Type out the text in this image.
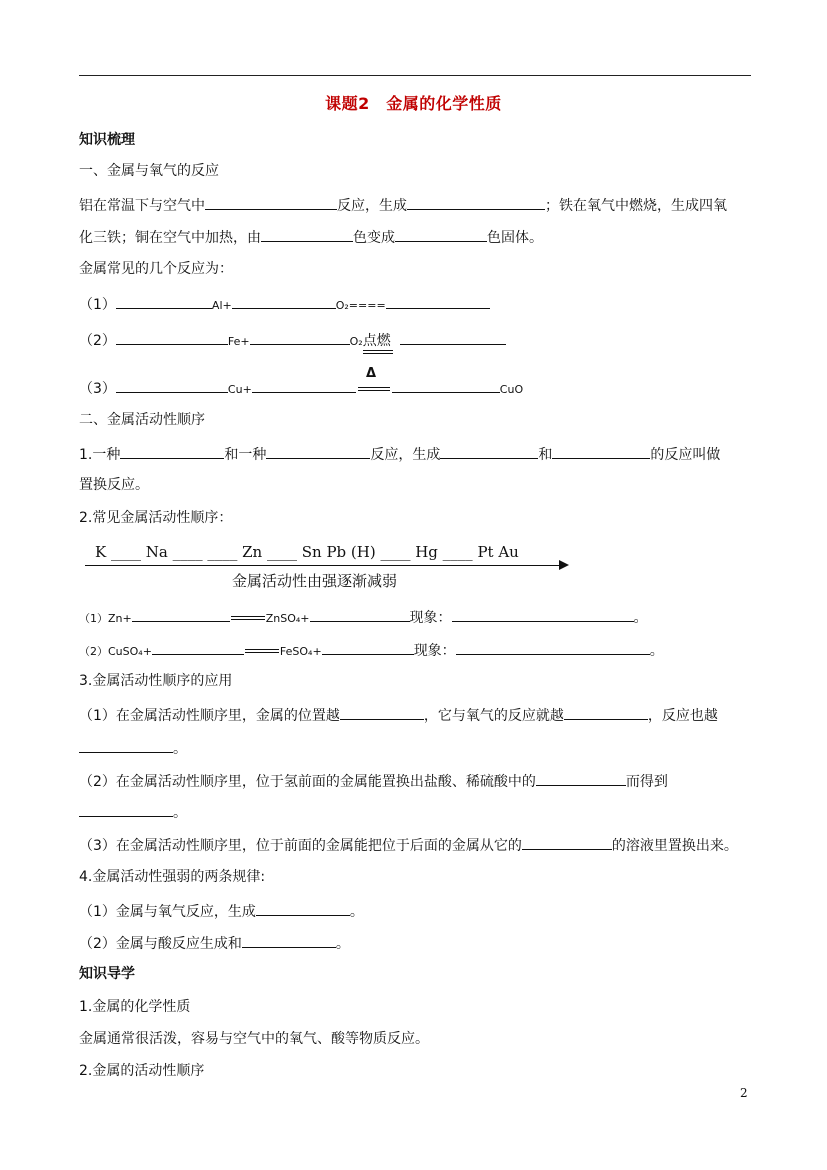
课题2　金属的化学性质
知识梳理
一、金属与氧气的反应
铝在常温下与空气中	反应，生成	；铁在氧气中燃烧，生成四氧
化三铁；铜在空气中加热，由	色变成	色固体。
金属常见的几个反应为：
（1）	Al+	O₂====
（2）	Fe+	O₂点燃

Δ
（3）	Cu+	CuO
二、金属活动性顺序
1.一种	和一种	反应，生成	和	的反应叫做
置换反应。
2.常见金属活动性顺序：
K ____ Na ____ ____ Zn ____ Sn Pb (H) ____ Hg ____ Pt Au
金属活动性由强逐渐减弱
（1）Zn+	ZnSO₄+	现象：	。
（2）CuSO₄+	FeSO₄+	现象：	。
3.金属活动性顺序的应用
（1）在金属活动性顺序里，金属的位置越	，它与氧气的反应就越	，反应也越
。
（2）在金属活动性顺序里，位于氢前面的金属能置换出盐酸、稀硫酸中的	而得到
。
（3）在金属活动性顺序里，位于前面的金属能把位于后面的金属从它的	的溶液里置换出来。
4.金属活动性强弱的两条规律:
（1）金属与氧气反应，生成	。
（2）金属与酸反应生成和	。
知识导学
1.金属的化学性质
金属通常很活泼，容易与空气中的氧气、酸等物质反应。
2.金属的活动性顺序
2
